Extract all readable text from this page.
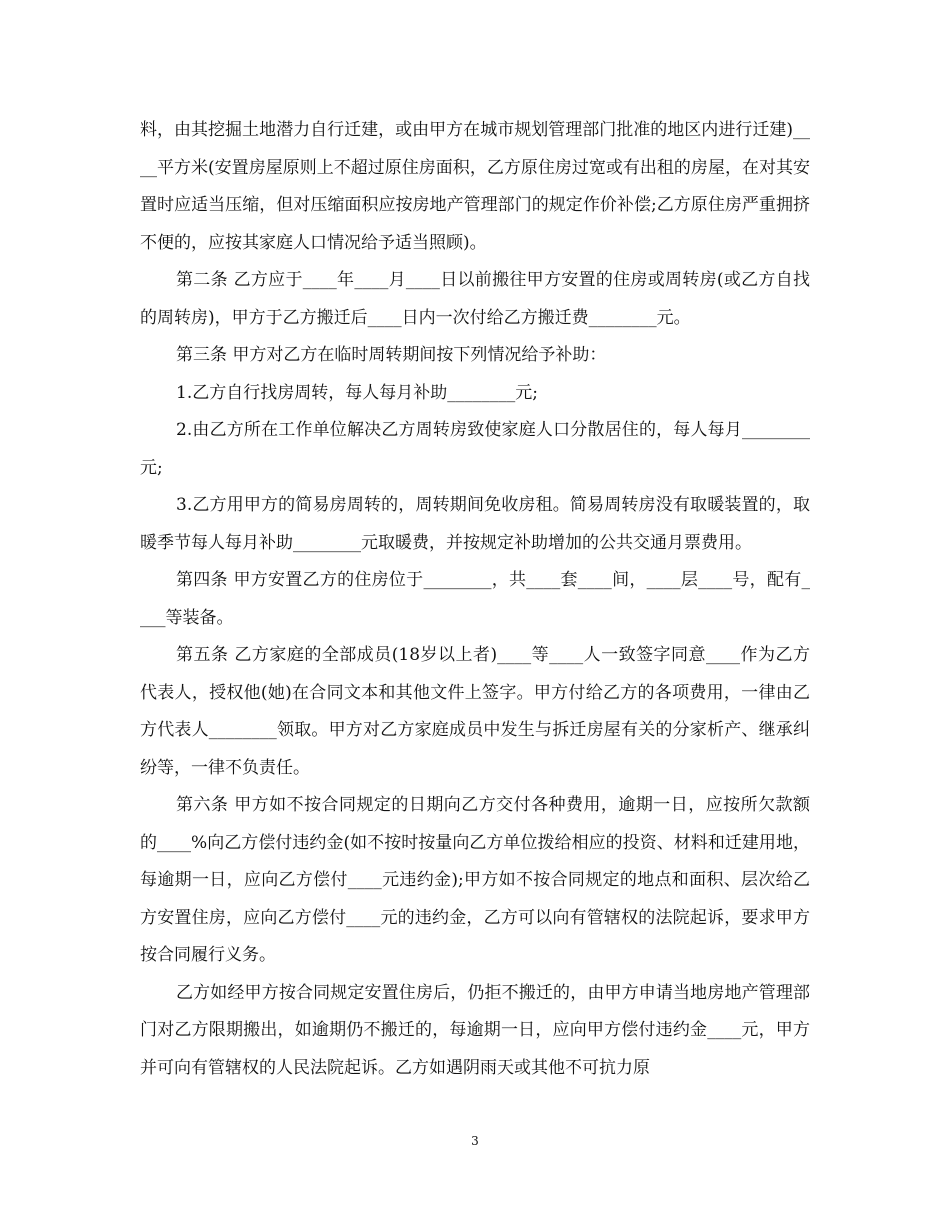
料，由其挖掘土地潜力自行迁建，或由甲方在城市规划管理部门批准的地区内进行迁建)____平方米(安置房屋原则上不超过原住房面积，乙方原住房过宽或有出租的房屋，在对其安置时应适当压缩，但对压缩面积应按房地产管理部门的规定作价补偿;乙方原住房严重拥挤不便的，应按其家庭人口情况给予适当照顾)。

第二条 乙方应于____年____月____日以前搬往甲方安置的住房或周转房(或乙方自找的周转房)，甲方于乙方搬迁后____日内一次付给乙方搬迁费________元。

第三条 甲方对乙方在临时周转期间按下列情况给予补助：

1.乙方自行找房周转，每人每月补助________元;

2.由乙方所在工作单位解决乙方周转房致使家庭人口分散居住的，每人每月________元;

3.乙方用甲方的简易房周转的，周转期间免收房租。简易周转房没有取暖装置的，取暖季节每人每月补助________元取暖费，并按规定补助增加的公共交通月票费用。

第四条 甲方安置乙方的住房位于________，共____套____间，____层____号，配有____等装备。

第五条 乙方家庭的全部成员(18岁以上者)____等____人一致签字同意____作为乙方代表人，授权他(她)在合同文本和其他文件上签字。甲方付给乙方的各项费用，一律由乙方代表人________领取。甲方对乙方家庭成员中发生与拆迁房屋有关的分家析产、继承纠纷等，一律不负责任。

第六条 甲方如不按合同规定的日期向乙方交付各种费用，逾期一日，应按所欠款额的____%向乙方偿付违约金(如不按时按量向乙方单位拨给相应的投资、材料和迁建用地，每逾期一日，应向乙方偿付____元违约金);甲方如不按合同规定的地点和面积、层次给乙方安置住房，应向乙方偿付____元的违约金，乙方可以向有管辖权的法院起诉，要求甲方按合同履行义务。

乙方如经甲方按合同规定安置住房后，仍拒不搬迁的，由甲方申请当地房地产管理部门对乙方限期搬出，如逾期仍不搬迁的，每逾期一日，应向甲方偿付违约金____元，甲方并可向有管辖权的人民法院起诉。乙方如遇阴雨天或其他不可抗力原

3
